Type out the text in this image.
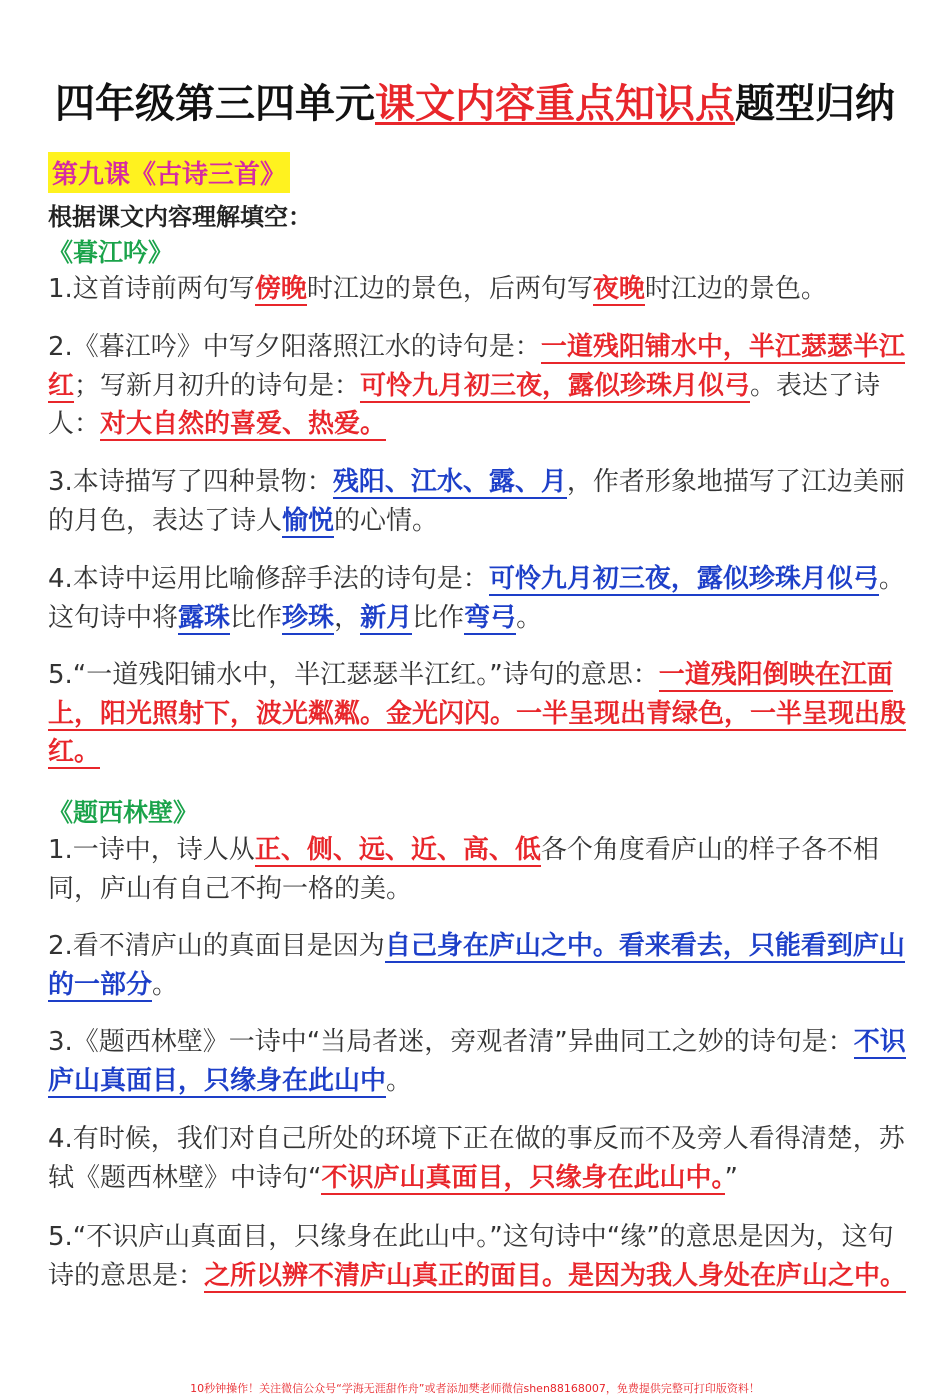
四年级第三四单元课文内容重点知识点题型归纳
第九课《古诗三首》
根据课文内容理解填空：
《暮江吟》
1.这首诗前两句写傍晚时江边的景色，后两句写夜晚时江边的景色。
2.《暮江吟》中写夕阳落照江水的诗句是：一道残阳铺水中，半江瑟瑟半江红；写新月初升的诗句是：可怜九月初三夜，露似珍珠月似弓。表达了诗人：对大自然的喜爱、热爱。
3.本诗描写了四种景物：残阳、江水、露、月，作者形象地描写了江边美丽的月色，表达了诗人愉悦的心情。
4.本诗中运用比喻修辞手法的诗句是：可怜九月初三夜，露似珍珠月似弓。这句诗中将露珠比作珍珠，新月比作弯弓。
5.“一道残阳铺水中，半江瑟瑟半江红。”诗句的意思：一道残阳倒映在江面上，阳光照射下，波光粼粼。金光闪闪。一半呈现出青绿色，一半呈现出殷红。
《题西林壁》
1.一诗中，诗人从正、侧、远、近、高、低各个角度看庐山的样子各不相同，庐山有自己不拘一格的美。
2.看不清庐山的真面目是因为自己身在庐山之中。看来看去，只能看到庐山的一部分。
3.《题西林壁》一诗中“当局者迷，旁观者清”异曲同工之妙的诗句是：不识庐山真面目，只缘身在此山中。
4.有时候，我们对自己所处的环境下正在做的事反而不及旁人看得清楚，苏轼《题西林壁》中诗句“不识庐山真面目，只缘身在此山中。”
5.“不识庐山真面目，只缘身在此山中。”这句诗中“缘”的意思是因为，这句诗的意思是：之所以辨不清庐山真正的面目。是因为我人身处在庐山之中。
10秒钟操作！关注微信公众号“学海无涯甜作舟”或者添加樊老师微信shen88168007，免费提供完整可打印版资料！
